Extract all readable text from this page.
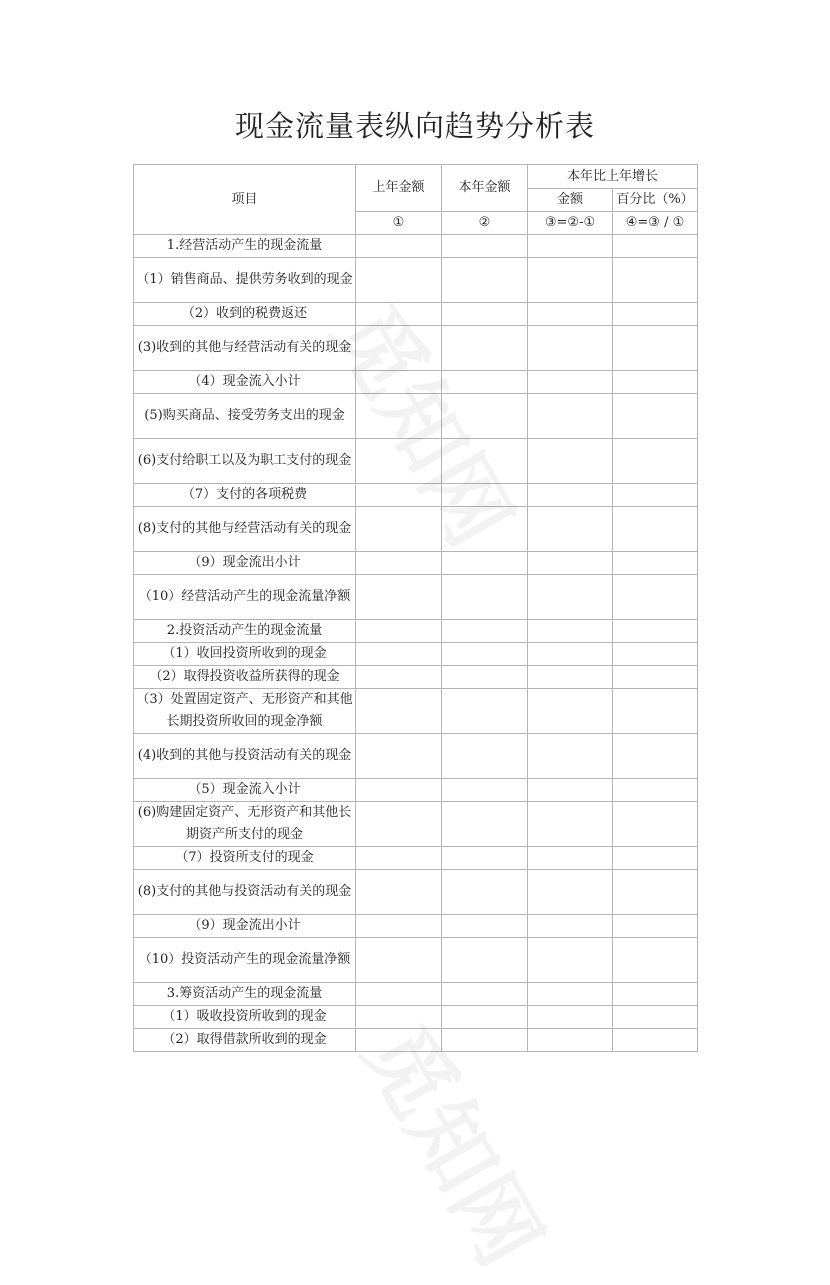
现金流量表纵向趋势分析表
项目	上年金额	本年金额	本年比上年增长	
			金额	百分比（%）
	①	②	③=②-①	④=③ / ①
1.经营活动产生的现金流量				
（1）销售商品、提供劳务收到的现金				
（2）收到的税费返还				
(3)收到的其他与经营活动有关的现金				
（4）现金流入小计				
(5)购买商品、接受劳务支出的现金				
(6)支付给职工以及为职工支付的现金				
（7）支付的各项税费				
(8)支付的其他与经营活动有关的现金				
（9）现金流出小计				
（10）经营活动产生的现金流量净额				
2.投资活动产生的现金流量				
（1）收回投资所收到的现金				
（2）取得投资收益所获得的现金				
（3）处置固定资产、无形资产和其他长期投资所收回的现金净额				
(4)收到的其他与投资活动有关的现金				
（5）现金流入小计				
(6)购建固定资产、无形资产和其他长期资产所支付的现金				
（7）投资所支付的现金				
(8)支付的其他与投资活动有关的现金				
（9）现金流出小计				
（10）投资活动产生的现金流量净额				
3.筹资活动产生的现金流量				
（1）吸收投资所收到的现金				
（2）取得借款所收到的现金				
觅知网
觅知网
